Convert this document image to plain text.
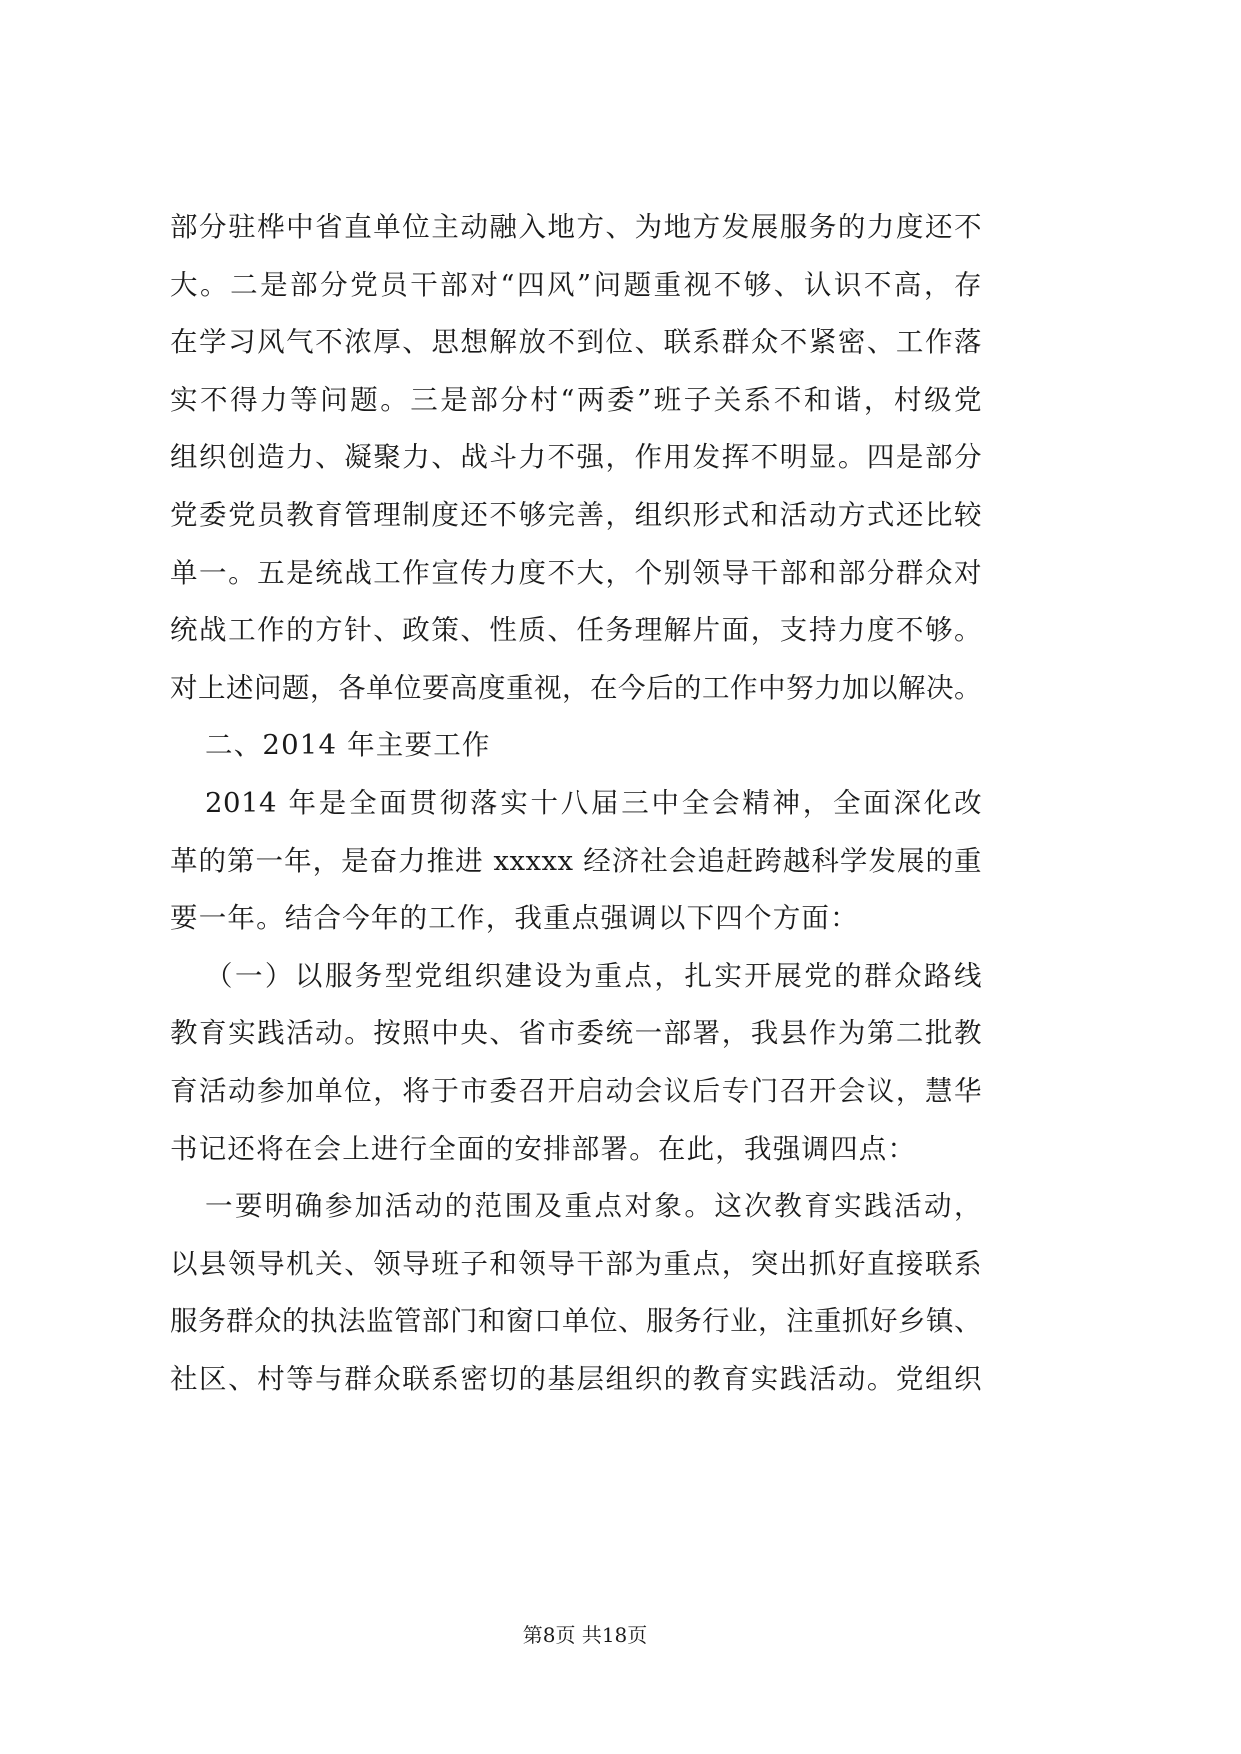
部分驻桦中省直单位主动融入地方、为地方发展服务的力度还不
大。二是部分党员干部对“四风”问题重视不够、认识不高，存
在学习风气不浓厚、思想解放不到位、联系群众不紧密、工作落
实不得力等问题。三是部分村“两委”班子关系不和谐，村级党
组织创造力、凝聚力、战斗力不强，作用发挥不明显。四是部分
党委党员教育管理制度还不够完善，组织形式和活动方式还比较
单一。五是统战工作宣传力度不大，个别领导干部和部分群众对
统战工作的方针、政策、性质、任务理解片面，支持力度不够。
对上述问题，各单位要高度重视，在今后的工作中努力加以解决。
二、2014 年主要工作
2014 年是全面贯彻落实十八届三中全会精神，全面深化改
革的第一年，是奋力推进 xxxxx 经济社会追赶跨越科学发展的重
要一年。结合今年的工作，我重点强调以下四个方面：
（一）以服务型党组织建设为重点，扎实开展党的群众路线
教育实践活动。按照中央、省市委统一部署，我县作为第二批教
育活动参加单位，将于市委召开启动会议后专门召开会议，慧华
书记还将在会上进行全面的安排部署。在此，我强调四点：
一要明确参加活动的范围及重点对象。这次教育实践活动，
以县领导机关、领导班子和领导干部为重点，突出抓好直接联系
服务群众的执法监管部门和窗口单位、服务行业，注重抓好乡镇、
社区、村等与群众联系密切的基层组织的教育实践活动。党组织
第8页 共18页
